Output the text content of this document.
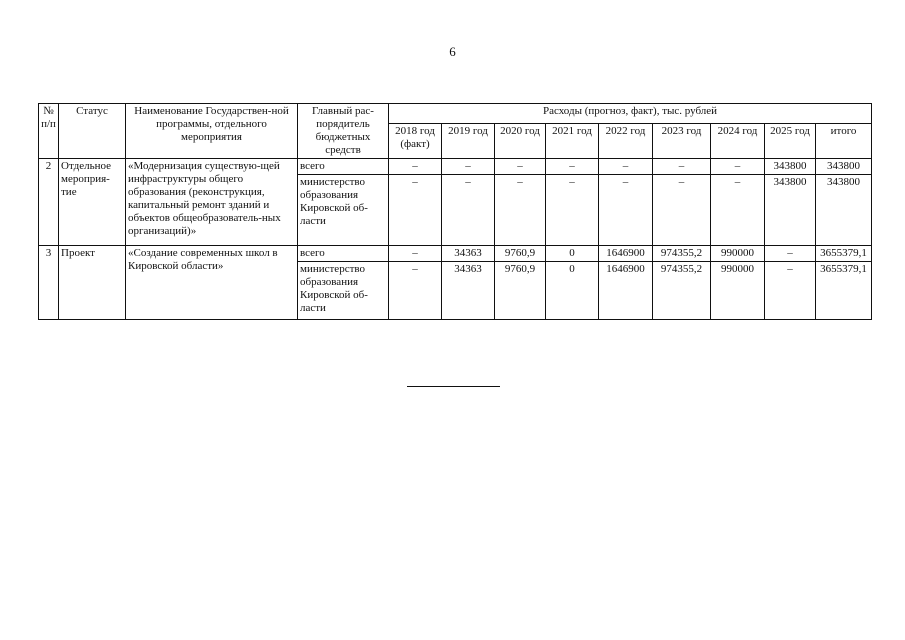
6
№ п/п	Статус	Наименование Государствен-ной программы, отдельного мероприятия	Главный рас-порядитель бюджетных средств	Расходы (прогноз, факт), тыс. рублей								
				2018 год (факт)	2019 год	2020 год	2021 год	2022 год	2023 год	2024 год	2025 год	итого
2	Отдельное мероприя-тие	«Модернизация существую-щей инфраструктуры общего образования (реконструкция, капитальный ремонт зданий и объектов общеобразователь-ных организаций)»	всего	–	–	–	–	–	–	–	343800	343800
			министерство образования Кировской об-ласти	–	–	–	–	–	–	–	343800	343800
3	Проект	«Создание современных школ в Кировской области»	всего	–	34363	9760,9	0	1646900	974355,2	990000	–	3655379,1
			министерство образования Кировской об-ласти	–	34363	9760,9	0	1646900	974355,2	990000	–	3655379,1
